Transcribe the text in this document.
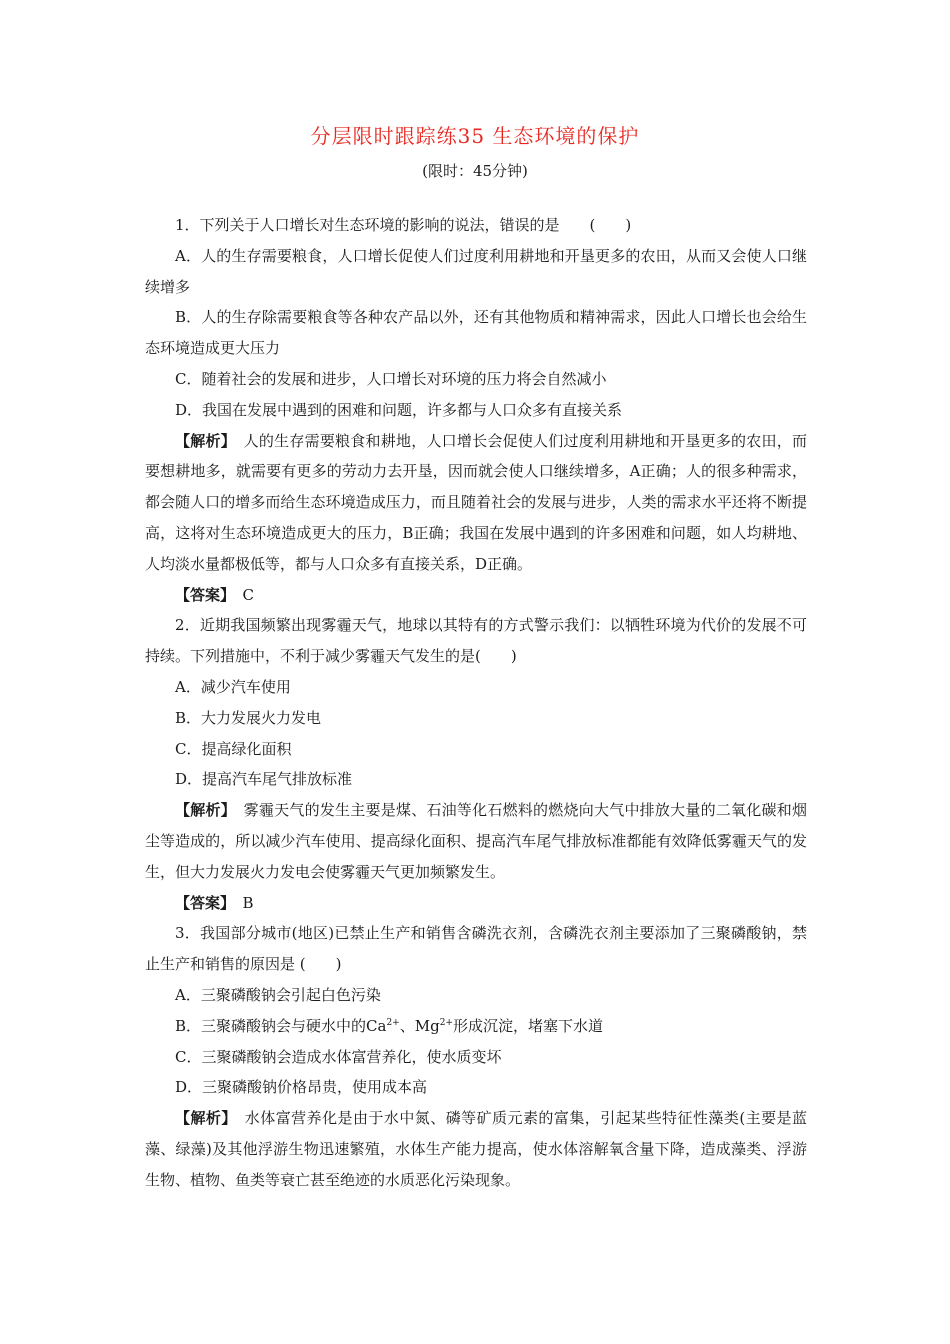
分层限时跟踪练35 生态环境的保护
(限时：45分钟)

1．下列关于人口增长对生态环境的影响的说法，错误的是　　(　　)

A．人的生存需要粮食，人口增长促使人们过度利用耕地和开垦更多的农田，从而又会使人口继续增多

B．人的生存除需要粮食等各种农产品以外，还有其他物质和精神需求，因此人口增长也会给生态环境造成更大压力

C．随着社会的发展和进步，人口增长对环境的压力将会自然减小

D．我国在发展中遇到的困难和问题，许多都与人口众多有直接关系

【解析】　 人的生存需要粮食和耕地，人口增长会促使人们过度利用耕地和开垦更多的农田，而要想耕地多，就需要有更多的劳动力去开垦，因而就会使人口继续增多，A正确；人的很多种需求，都会随人口的增多而给生态环境造成压力，而且随着社会的发展与进步，人类的需求水平还将不断提高，这将对生态环境造成更大的压力，B正确；我国在发展中遇到的许多困难和问题，如人均耕地、人均淡水量都极低等，都与人口众多有直接关系，D正确。

【答案】　 C

2．近期我国频繁出现雾霾天气，地球以其特有的方式警示我们：以牺牲环境为代价的发展不可持续。下列措施中，不利于减少雾霾天气发生的是(　　)

A．减少汽车使用

B．大力发展火力发电

C．提高绿化面积

D．提高汽车尾气排放标准

【解析】　 雾霾天气的发生主要是煤、石油等化石燃料的燃烧向大气中排放大量的二氧化碳和烟尘等造成的，所以减少汽车使用、提高绿化面积、提高汽车尾气排放标准都能有效降低雾霾天气的发生，但大力发展火力发电会使雾霾天气更加频繁发生。

【答案】　 B

3．我国部分城市(地区)已禁止生产和销售含磷洗衣剂，含磷洗衣剂主要添加了三聚磷酸钠，禁止生产和销售的原因是 (　　)

A．三聚磷酸钠会引起白色污染

B．三聚磷酸钠会与硬水中的$Ca^{2+}$、$Mg^{2+}$形成沉淀，堵塞下水道

C．三聚磷酸钠会造成水体富营养化，使水质变坏

D．三聚磷酸钠价格昂贵，使用成本高

【解析】　 水体富营养化是由于水中氮、磷等矿质元素的富集，引起某些特征性藻类(主要是蓝藻、绿藻)及其他浮游生物迅速繁殖，水体生产能力提高，使水体溶解氧含量下降，造成藻类、浮游生物、植物、鱼类等衰亡甚至绝迹的水质恶化污染现象。
